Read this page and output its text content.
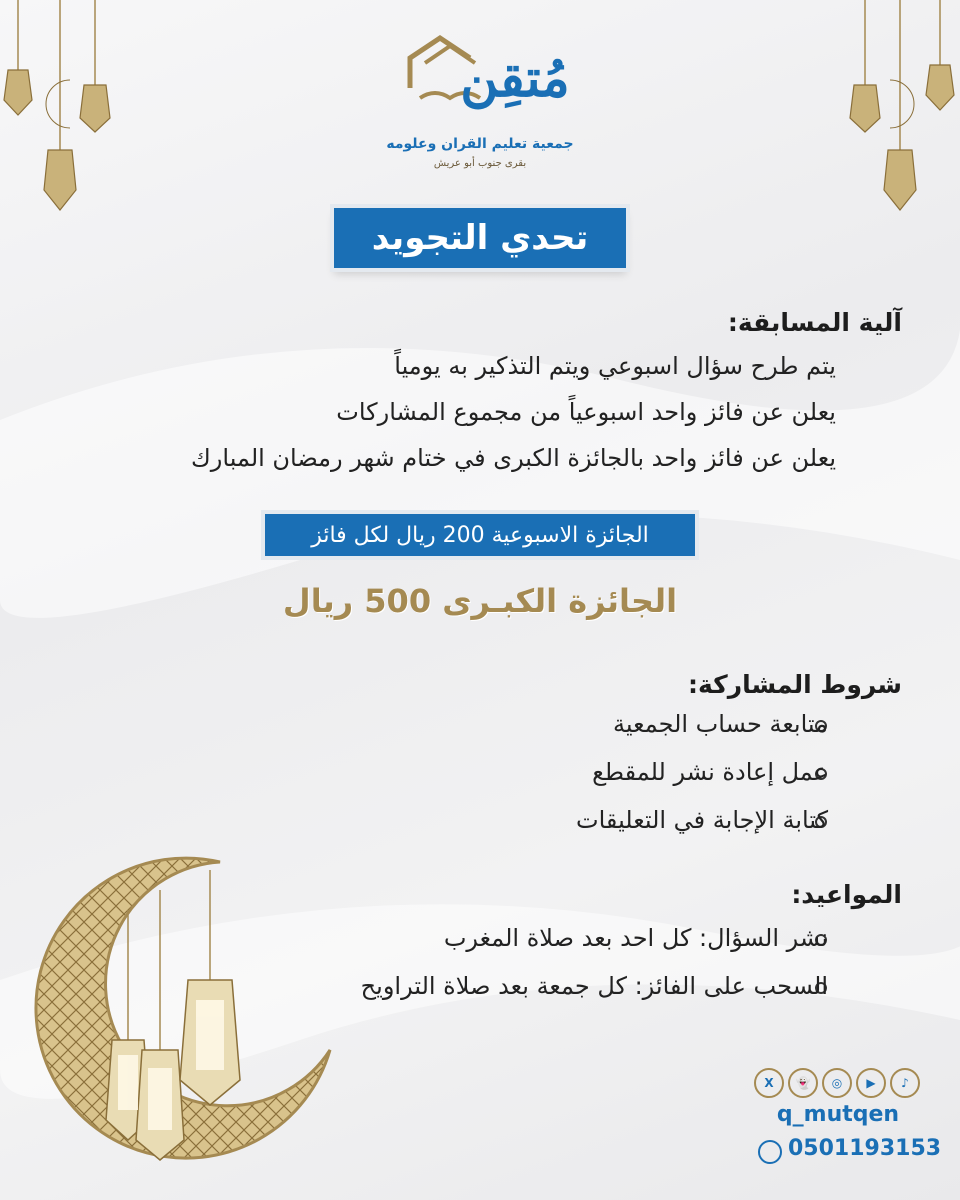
مُتقِن
جمعية تعليم القران وعلومه
بقرى جنوب أبو عريش
تحدي التجويد
آلية المسابقة:
يتم طرح سؤال اسبوعي ويتم التذكير به يومياً
يعلن عن فائز واحد اسبوعياً من مجموع المشاركات
يعلن عن فائز واحد بالجائزة الكبرى في ختام شهر رمضان المبارك
الجائزة الاسبوعية 200 ريال لكل فائز
الجائزة الكبـرى 500 ريال
شروط المشاركة:
متابعة حساب الجمعية
عمل إعادة نشر للمقطع
كتابة الإجابة في التعليقات
المواعيد:
نشر السؤال: كل احد بعد صلاة المغرب
السحب على الفائز: كل جمعة بعد صلاة التراويح
X	👻	◎	▶	♪
q_mutqen
0501193153
